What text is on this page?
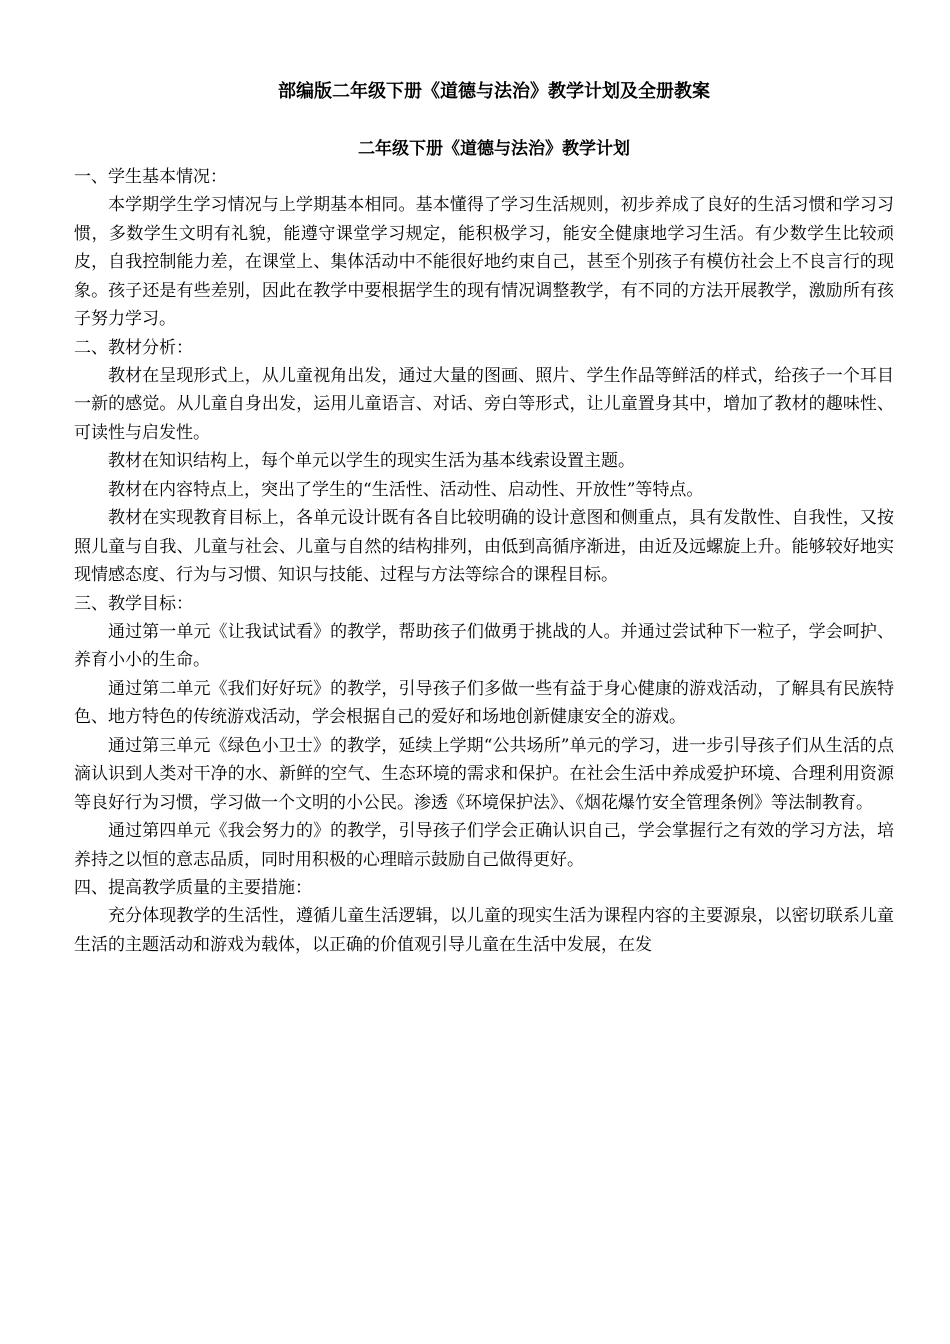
部编版二年级下册《道德与法治》教学计划及全册教案
二年级下册《道德与法治》教学计划

一、学生基本情况：

本学期学生学习情况与上学期基本相同。基本懂得了学习生活规则，初步养成了良好的生活习惯和学习习惯，多数学生文明有礼貌，能遵守课堂学习规定，能积极学习，能安全健康地学习生活。有少数学生比较顽皮，自我控制能力差，在课堂上、集体活动中不能很好地约束自己，甚至个别孩子有模仿社会上不良言行的现象。孩子还是有些差别，因此在教学中要根据学生的现有情况调整教学，有不同的方法开展教学，激励所有孩子努力学习。

二、教材分析：

教材在呈现形式上，从儿童视角出发，通过大量的图画、照片、学生作品等鲜活的样式，给孩子一个耳目一新的感觉。从儿童自身出发，运用儿童语言、对话、旁白等形式，让儿童置身其中，增加了教材的趣味性、可读性与启发性。

教材在知识结构上，每个单元以学生的现实生活为基本线索设置主题。

教材在内容特点上，突出了学生的“生活性、活动性、启动性、开放性”等特点。

教材在实现教育目标上，各单元设计既有各自比较明确的设计意图和侧重点，具有发散性、自我性，又按照儿童与自我、儿童与社会、儿童与自然的结构排列，由低到高循序渐进，由近及远螺旋上升。能够较好地实现情感态度、行为与习惯、知识与技能、过程与方法等综合的课程目标。

三、教学目标：

通过第一单元《让我试试看》的教学，帮助孩子们做勇于挑战的人。并通过尝试种下一粒子，学会呵护、养育小小的生命。

通过第二单元《我们好好玩》的教学，引导孩子们多做一些有益于身心健康的游戏活动，了解具有民族特色、地方特色的传统游戏活动，学会根据自己的爱好和场地创新健康安全的游戏。

通过第三单元《绿色小卫士》的教学，延续上学期“公共场所”单元的学习，进一步引导孩子们从生活的点滴认识到人类对干净的水、新鲜的空气、生态环境的需求和保护。在社会生活中养成爱护环境、合理利用资源等良好行为习惯，学习做一个文明的小公民。渗透《环境保护法》、《烟花爆竹安全管理条例》等法制教育。

通过第四单元《我会努力的》的教学，引导孩子们学会正确认识自己，学会掌握行之有效的学习方法，培养持之以恒的意志品质，同时用积极的心理暗示鼓励自己做得更好。

四、提高教学质量的主要措施：

充分体现教学的生活性，遵循儿童生活逻辑，以儿童的现实生活为课程内容的主要源泉，以密切联系儿童生活的主题活动和游戏为载体，以正确的价值观引导儿童在生活中发展，在发
